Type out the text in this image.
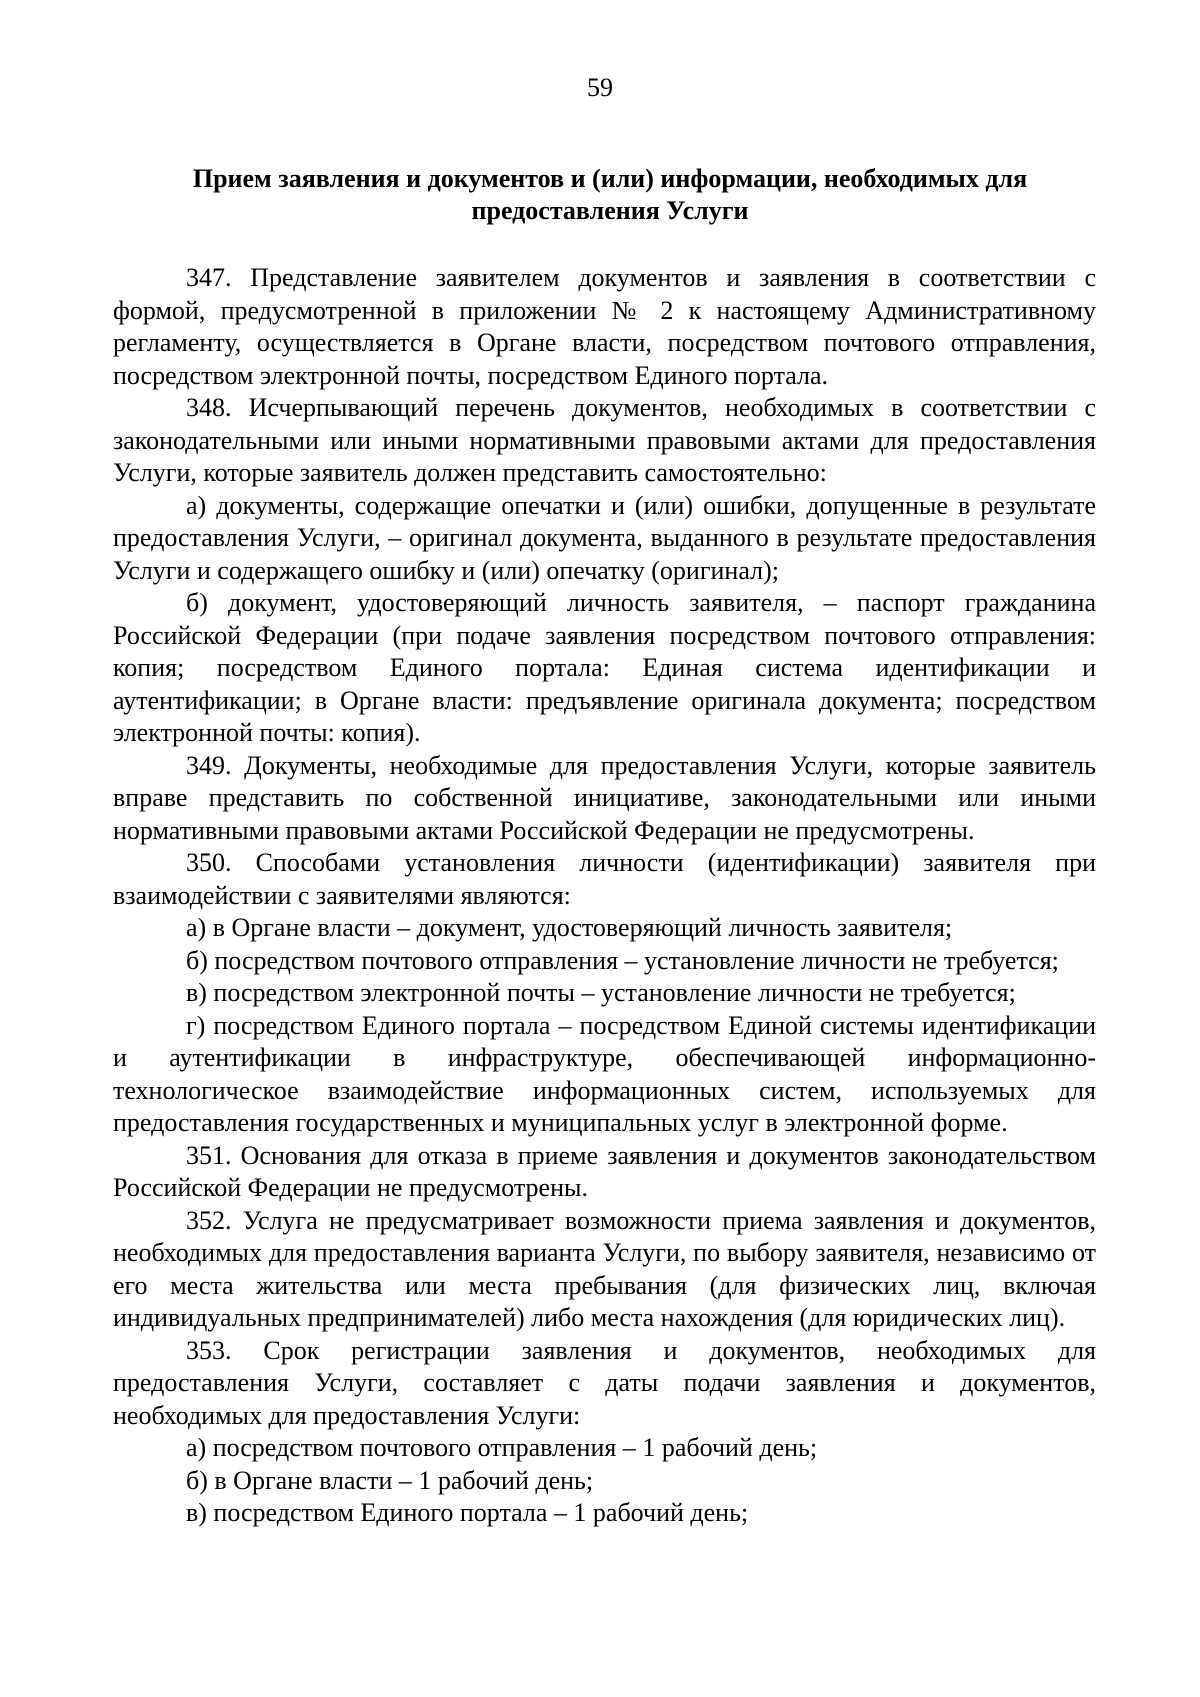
59
Прием заявления и документов и (или) информации, необходимых для
предоставления Услуги

347. Представление заявителем документов и заявления в соответствии с формой, предусмотренной в приложении № 2 к настоящему Административному регламенту, осуществляется в Органе власти, посредством почтового отправления, посредством электронной почты, посредством Единого портала.

348. Исчерпывающий перечень документов, необходимых в соответствии с законодательными или иными нормативными правовыми актами для предоставления Услуги, которые заявитель должен представить самостоятельно:

а) документы, содержащие опечатки и (или) ошибки, допущенные в результате предоставления Услуги, – оригинал документа, выданного в результате предоставления Услуги и содержащего ошибку и (или) опечатку (оригинал);

б) документ, удостоверяющий личность заявителя, – паспорт гражданина Российской Федерации (при подаче заявления посредством почтового отправления: копия; посредством Единого портала: Единая система идентификации и аутентификации; в Органе власти: предъявление оригинала документа; посредством электронной почты: копия).

349. Документы, необходимые для предоставления Услуги, которые заявитель вправе представить по собственной инициативе, законодательными или иными нормативными правовыми актами Российской Федерации не предусмотрены.

350. Способами установления личности (идентификации) заявителя при взаимодействии с заявителями являются:

а) в Органе власти – документ, удостоверяющий личность заявителя;

б) посредством почтового отправления – установление личности не требуется;

в) посредством электронной почты – установление личности не требуется;

г) посредством Единого портала – посредством Единой системы идентификации и аутентификации в инфраструктуре, обеспечивающей информационно-технологическое взаимодействие информационных систем, используемых для предоставления государственных и муниципальных услуг в электронной форме.

351. Основания для отказа в приеме заявления и документов законодательством Российской Федерации не предусмотрены.

352. Услуга не предусматривает возможности приема заявления и документов, необходимых для предоставления варианта Услуги, по выбору заявителя, независимо от его места жительства или места пребывания (для физических лиц, включая индивидуальных предпринимателей) либо места нахождения (для юридических лиц).

353. Срок регистрации заявления и документов, необходимых для предоставления Услуги, составляет с даты подачи заявления и документов, необходимых для предоставления Услуги:

а) посредством почтового отправления – 1 рабочий день;

б) в Органе власти – 1 рабочий день;

в) посредством Единого портала – 1 рабочий день;
